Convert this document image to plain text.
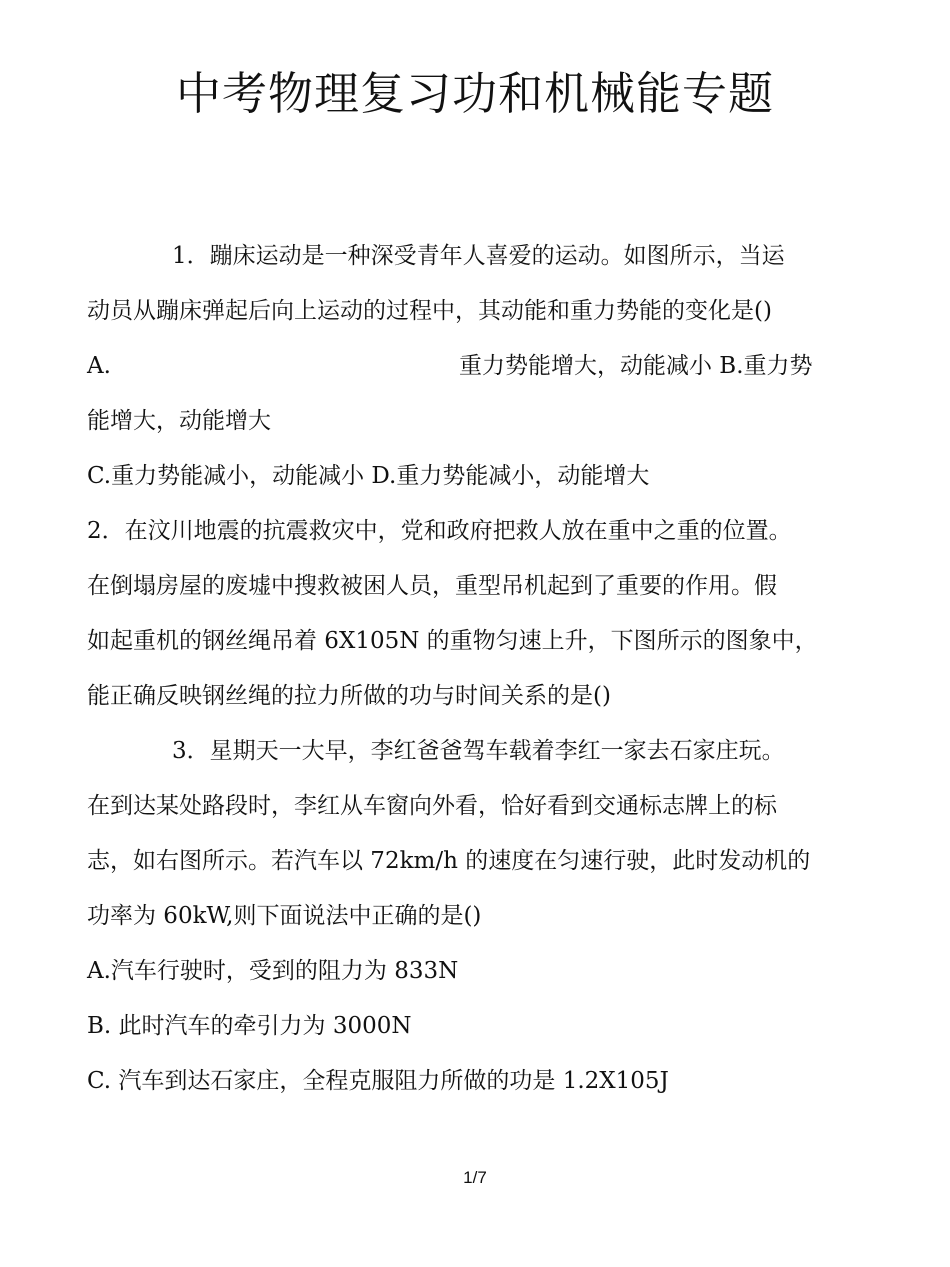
中考物理复习功和机械能专题

1．蹦床运动是一种深受青年人喜爱的运动。如图所示，当运

动员从蹦床弹起后向上运动的过程中，其动能和重力势能的变化是()

A.	重力势能增大，动能减小 B.重力势

能增大，动能增大

C.重力势能减小，动能减小 D.重力势能减小，动能增大

2．在汶川地震的抗震救灾中，党和政府把救人放在重中之重的位置。

在倒塌房屋的废墟中搜救被困人员，重型吊机起到了重要的作用。假

如起重机的钢丝绳吊着 6X105N 的重物匀速上升，下图所示的图象中，

能正确反映钢丝绳的拉力所做的功与时间关系的是()

3．星期天一大早，李红爸爸驾车载着李红一家去石家庄玩。

在到达某处路段时，李红从车窗向外看，恰好看到交通标志牌上的标

志，如右图所示。若汽车以 72km/h 的速度在匀速行驶，此时发动机的

功率为 60kW,则下面说法中正确的是()

A.汽车行驶时，受到的阻力为 833N

B. 此时汽车的牵引力为 3000N

C. 汽车到达石家庄，全程克服阻力所做的功是 1.2X105J

1/7
